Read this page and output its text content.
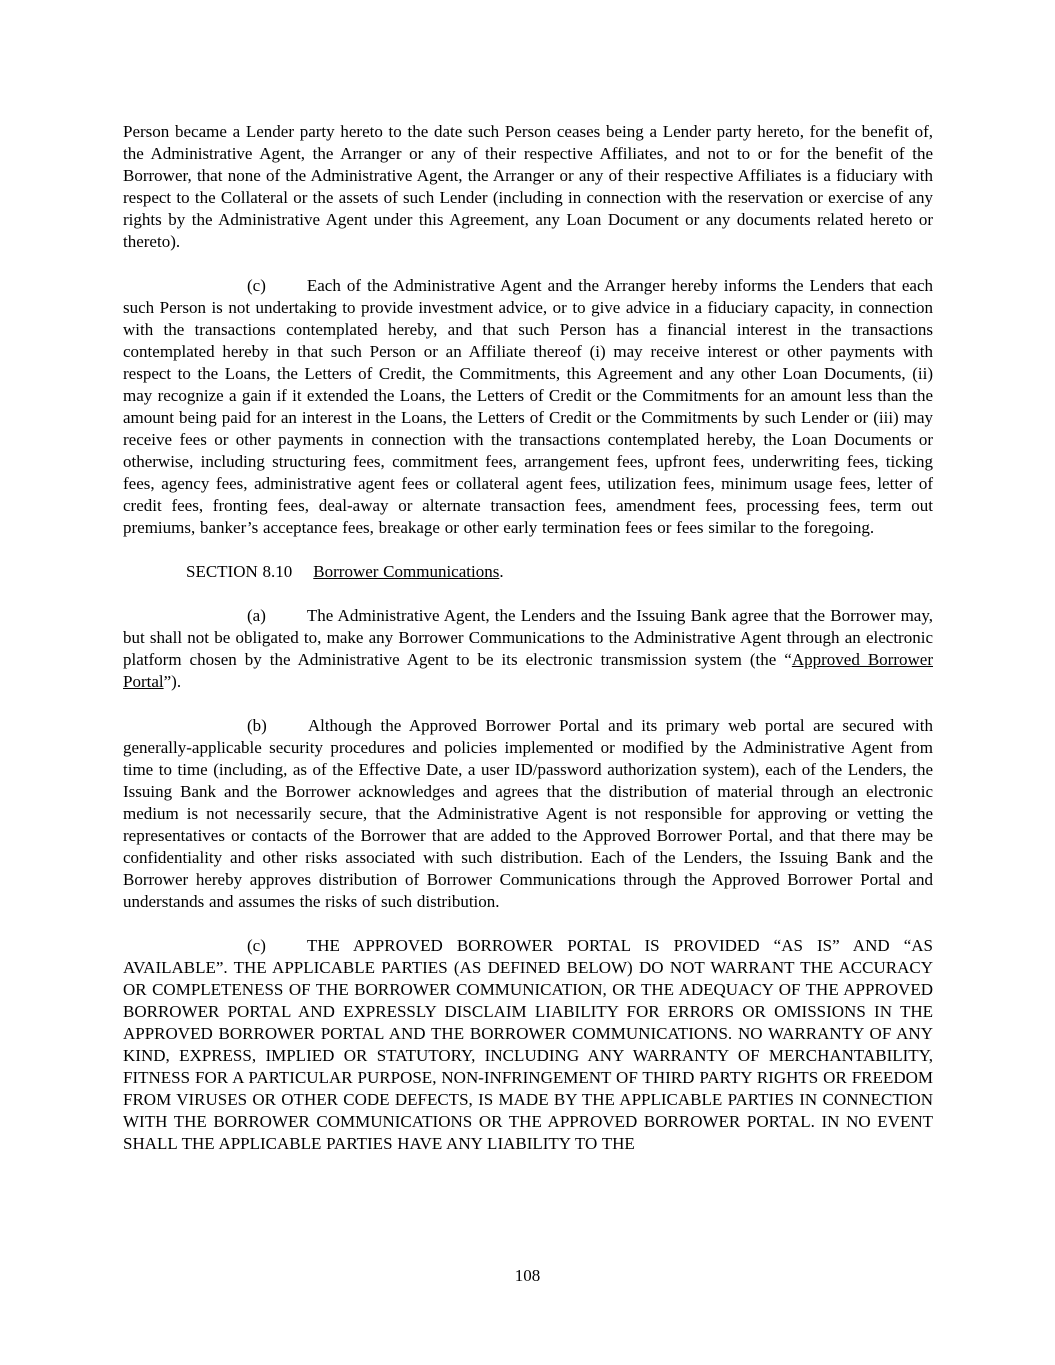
Person became a Lender party hereto to the date such Person ceases being a Lender party hereto, for the benefit of, the Administrative Agent, the Arranger or any of their respective Affiliates, and not to or for the benefit of the Borrower, that none of the Administrative Agent, the Arranger or any of their respective Affiliates is a fiduciary with respect to the Collateral or the assets of such Lender (including in connection with the reservation or exercise of any rights by the Administrative Agent under this Agreement, any Loan Document or any documents related hereto or thereto).

(c) Each of the Administrative Agent and the Arranger hereby informs the Lenders that each such Person is not undertaking to provide investment advice, or to give advice in a fiduciary capacity, in connection with the transactions contemplated hereby, and that such Person has a financial interest in the transactions contemplated hereby in that such Person or an Affiliate thereof (i) may receive interest or other payments with respect to the Loans, the Letters of Credit, the Commitments, this Agreement and any other Loan Documents, (ii) may recognize a gain if it extended the Loans, the Letters of Credit or the Commitments for an amount less than the amount being paid for an interest in the Loans, the Letters of Credit or the Commitments by such Lender or (iii) may receive fees or other payments in connection with the transactions contemplated hereby, the Loan Documents or otherwise, including structuring fees, commitment fees, arrangement fees, upfront fees, underwriting fees, ticking fees, agency fees, administrative agent fees or collateral agent fees, utilization fees, minimum usage fees, letter of credit fees, fronting fees, deal-away or alternate transaction fees, amendment fees, processing fees, term out premiums, banker’s acceptance fees, breakage or other early termination fees or fees similar to the foregoing.

SECTION 8.10 Borrower Communications.

(a) The Administrative Agent, the Lenders and the Issuing Bank agree that the Borrower may, but shall not be obligated to, make any Borrower Communications to the Administrative Agent through an electronic platform chosen by the Administrative Agent to be its electronic transmission system (the “Approved Borrower Portal”).

(b) Although the Approved Borrower Portal and its primary web portal are secured with generally-applicable security procedures and policies implemented or modified by the Administrative Agent from time to time (including, as of the Effective Date, a user ID/password authorization system), each of the Lenders, the Issuing Bank and the Borrower acknowledges and agrees that the distribution of material through an electronic medium is not necessarily secure, that the Administrative Agent is not responsible for approving or vetting the representatives or contacts of the Borrower that are added to the Approved Borrower Portal, and that there may be confidentiality and other risks associated with such distribution. Each of the Lenders, the Issuing Bank and the Borrower hereby approves distribution of Borrower Communications through the Approved Borrower Portal and understands and assumes the risks of such distribution.

(c) THE APPROVED BORROWER PORTAL IS PROVIDED “AS IS” AND “AS AVAILABLE”. THE APPLICABLE PARTIES (AS DEFINED BELOW) DO NOT WARRANT THE ACCURACY OR COMPLETENESS OF THE BORROWER COMMUNICATION, OR THE ADEQUACY OF THE APPROVED BORROWER PORTAL AND EXPRESSLY DISCLAIM LIABILITY FOR ERRORS OR OMISSIONS IN THE APPROVED BORROWER PORTAL AND THE BORROWER COMMUNICATIONS. NO WARRANTY OF ANY KIND, EXPRESS, IMPLIED OR STATUTORY, INCLUDING ANY WARRANTY OF MERCHANTABILITY, FITNESS FOR A PARTICULAR PURPOSE, NON-INFRINGEMENT OF THIRD PARTY RIGHTS OR FREEDOM FROM VIRUSES OR OTHER CODE DEFECTS, IS MADE BY THE APPLICABLE PARTIES IN CONNECTION WITH THE BORROWER COMMUNICATIONS OR THE APPROVED BORROWER PORTAL. IN NO EVENT SHALL THE APPLICABLE PARTIES HAVE ANY LIABILITY TO THE

108
